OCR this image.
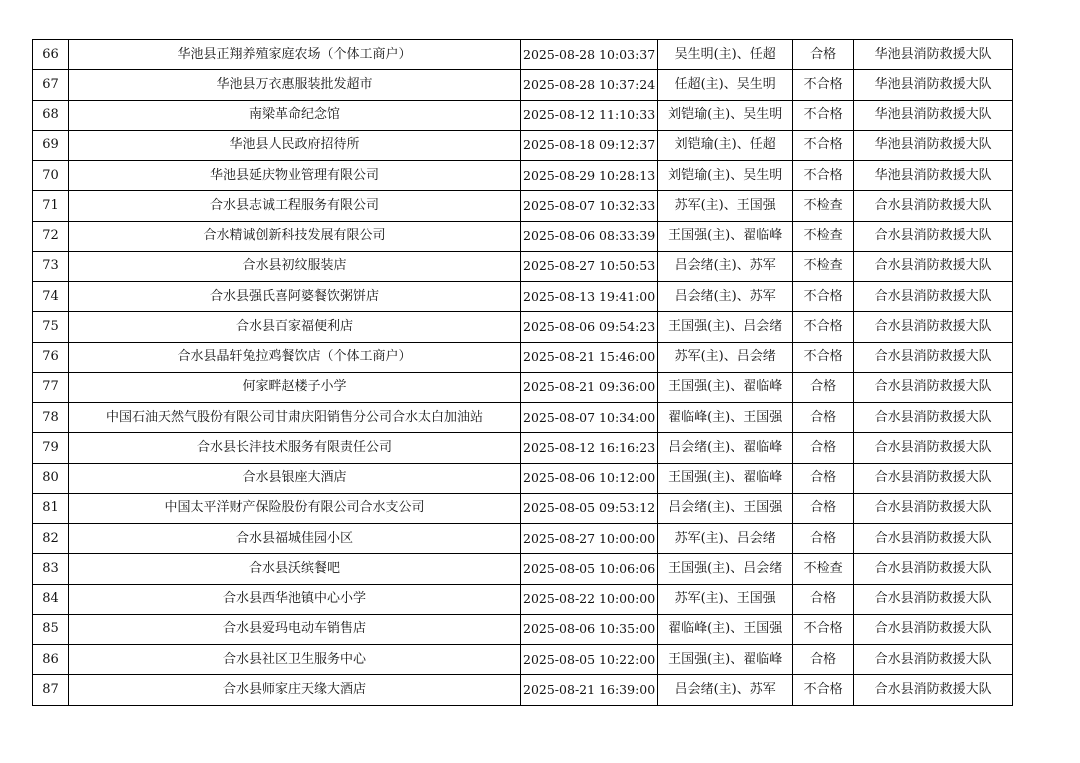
66	华池县正翔养殖家庭农场（个体工商户）	2025-08-28 10:03:37	吴生明(主)、任超	合格	华池县消防救援大队
67	华池县万衣惠服装批发超市	2025-08-28 10:37:24	任超(主)、吴生明	不合格	华池县消防救援大队
68	南梁革命纪念馆	2025-08-12 11:10:33	刘铠瑜(主)、吴生明	不合格	华池县消防救援大队
69	华池县人民政府招待所	2025-08-18 09:12:37	刘铠瑜(主)、任超	不合格	华池县消防救援大队
70	华池县延庆物业管理有限公司	2025-08-29 10:28:13	刘铠瑜(主)、吴生明	不合格	华池县消防救援大队
71	合水县志诚工程服务有限公司	2025-08-07 10:32:33	苏军(主)、王国强	不检查	合水县消防救援大队
72	合水精诚创新科技发展有限公司	2025-08-06 08:33:39	王国强(主)、翟临峰	不检查	合水县消防救援大队
73	合水县初纹服装店	2025-08-27 10:50:53	吕会绪(主)、苏军	不检查	合水县消防救援大队
74	合水县强氏喜阿婆餐饮粥饼店	2025-08-13 19:41:00	吕会绪(主)、苏军	不合格	合水县消防救援大队
75	合水县百家福便利店	2025-08-06 09:54:23	王国强(主)、吕会绪	不合格	合水县消防救援大队
76	合水县晶轩兔拉鸡餐饮店（个体工商户）	2025-08-21 15:46:00	苏军(主)、吕会绪	不合格	合水县消防救援大队
77	何家畔赵楼子小学	2025-08-21 09:36:00	王国强(主)、翟临峰	合格	合水县消防救援大队
78	中国石油天然气股份有限公司甘肃庆阳销售分公司合水太白加油站	2025-08-07 10:34:00	翟临峰(主)、王国强	合格	合水县消防救援大队
79	合水县长沣技术服务有限责任公司	2025-08-12 16:16:23	吕会绪(主)、翟临峰	合格	合水县消防救援大队
80	合水县银座大酒店	2025-08-06 10:12:00	王国强(主)、翟临峰	合格	合水县消防救援大队
81	中国太平洋财产保险股份有限公司合水支公司	2025-08-05 09:53:12	吕会绪(主)、王国强	合格	合水县消防救援大队
82	合水县福城佳园小区	2025-08-27 10:00:00	苏军(主)、吕会绪	合格	合水县消防救援大队
83	合水县沃缤餐吧	2025-08-05 10:06:06	王国强(主)、吕会绪	不检查	合水县消防救援大队
84	合水县西华池镇中心小学	2025-08-22 10:00:00	苏军(主)、王国强	合格	合水县消防救援大队
85	合水县爱玛电动车销售店	2025-08-06 10:35:00	翟临峰(主)、王国强	不合格	合水县消防救援大队
86	合水县社区卫生服务中心	2025-08-05 10:22:00	王国强(主)、翟临峰	合格	合水县消防救援大队
87	合水县师家庄天缘大酒店	2025-08-21 16:39:00	吕会绪(主)、苏军	不合格	合水县消防救援大队
